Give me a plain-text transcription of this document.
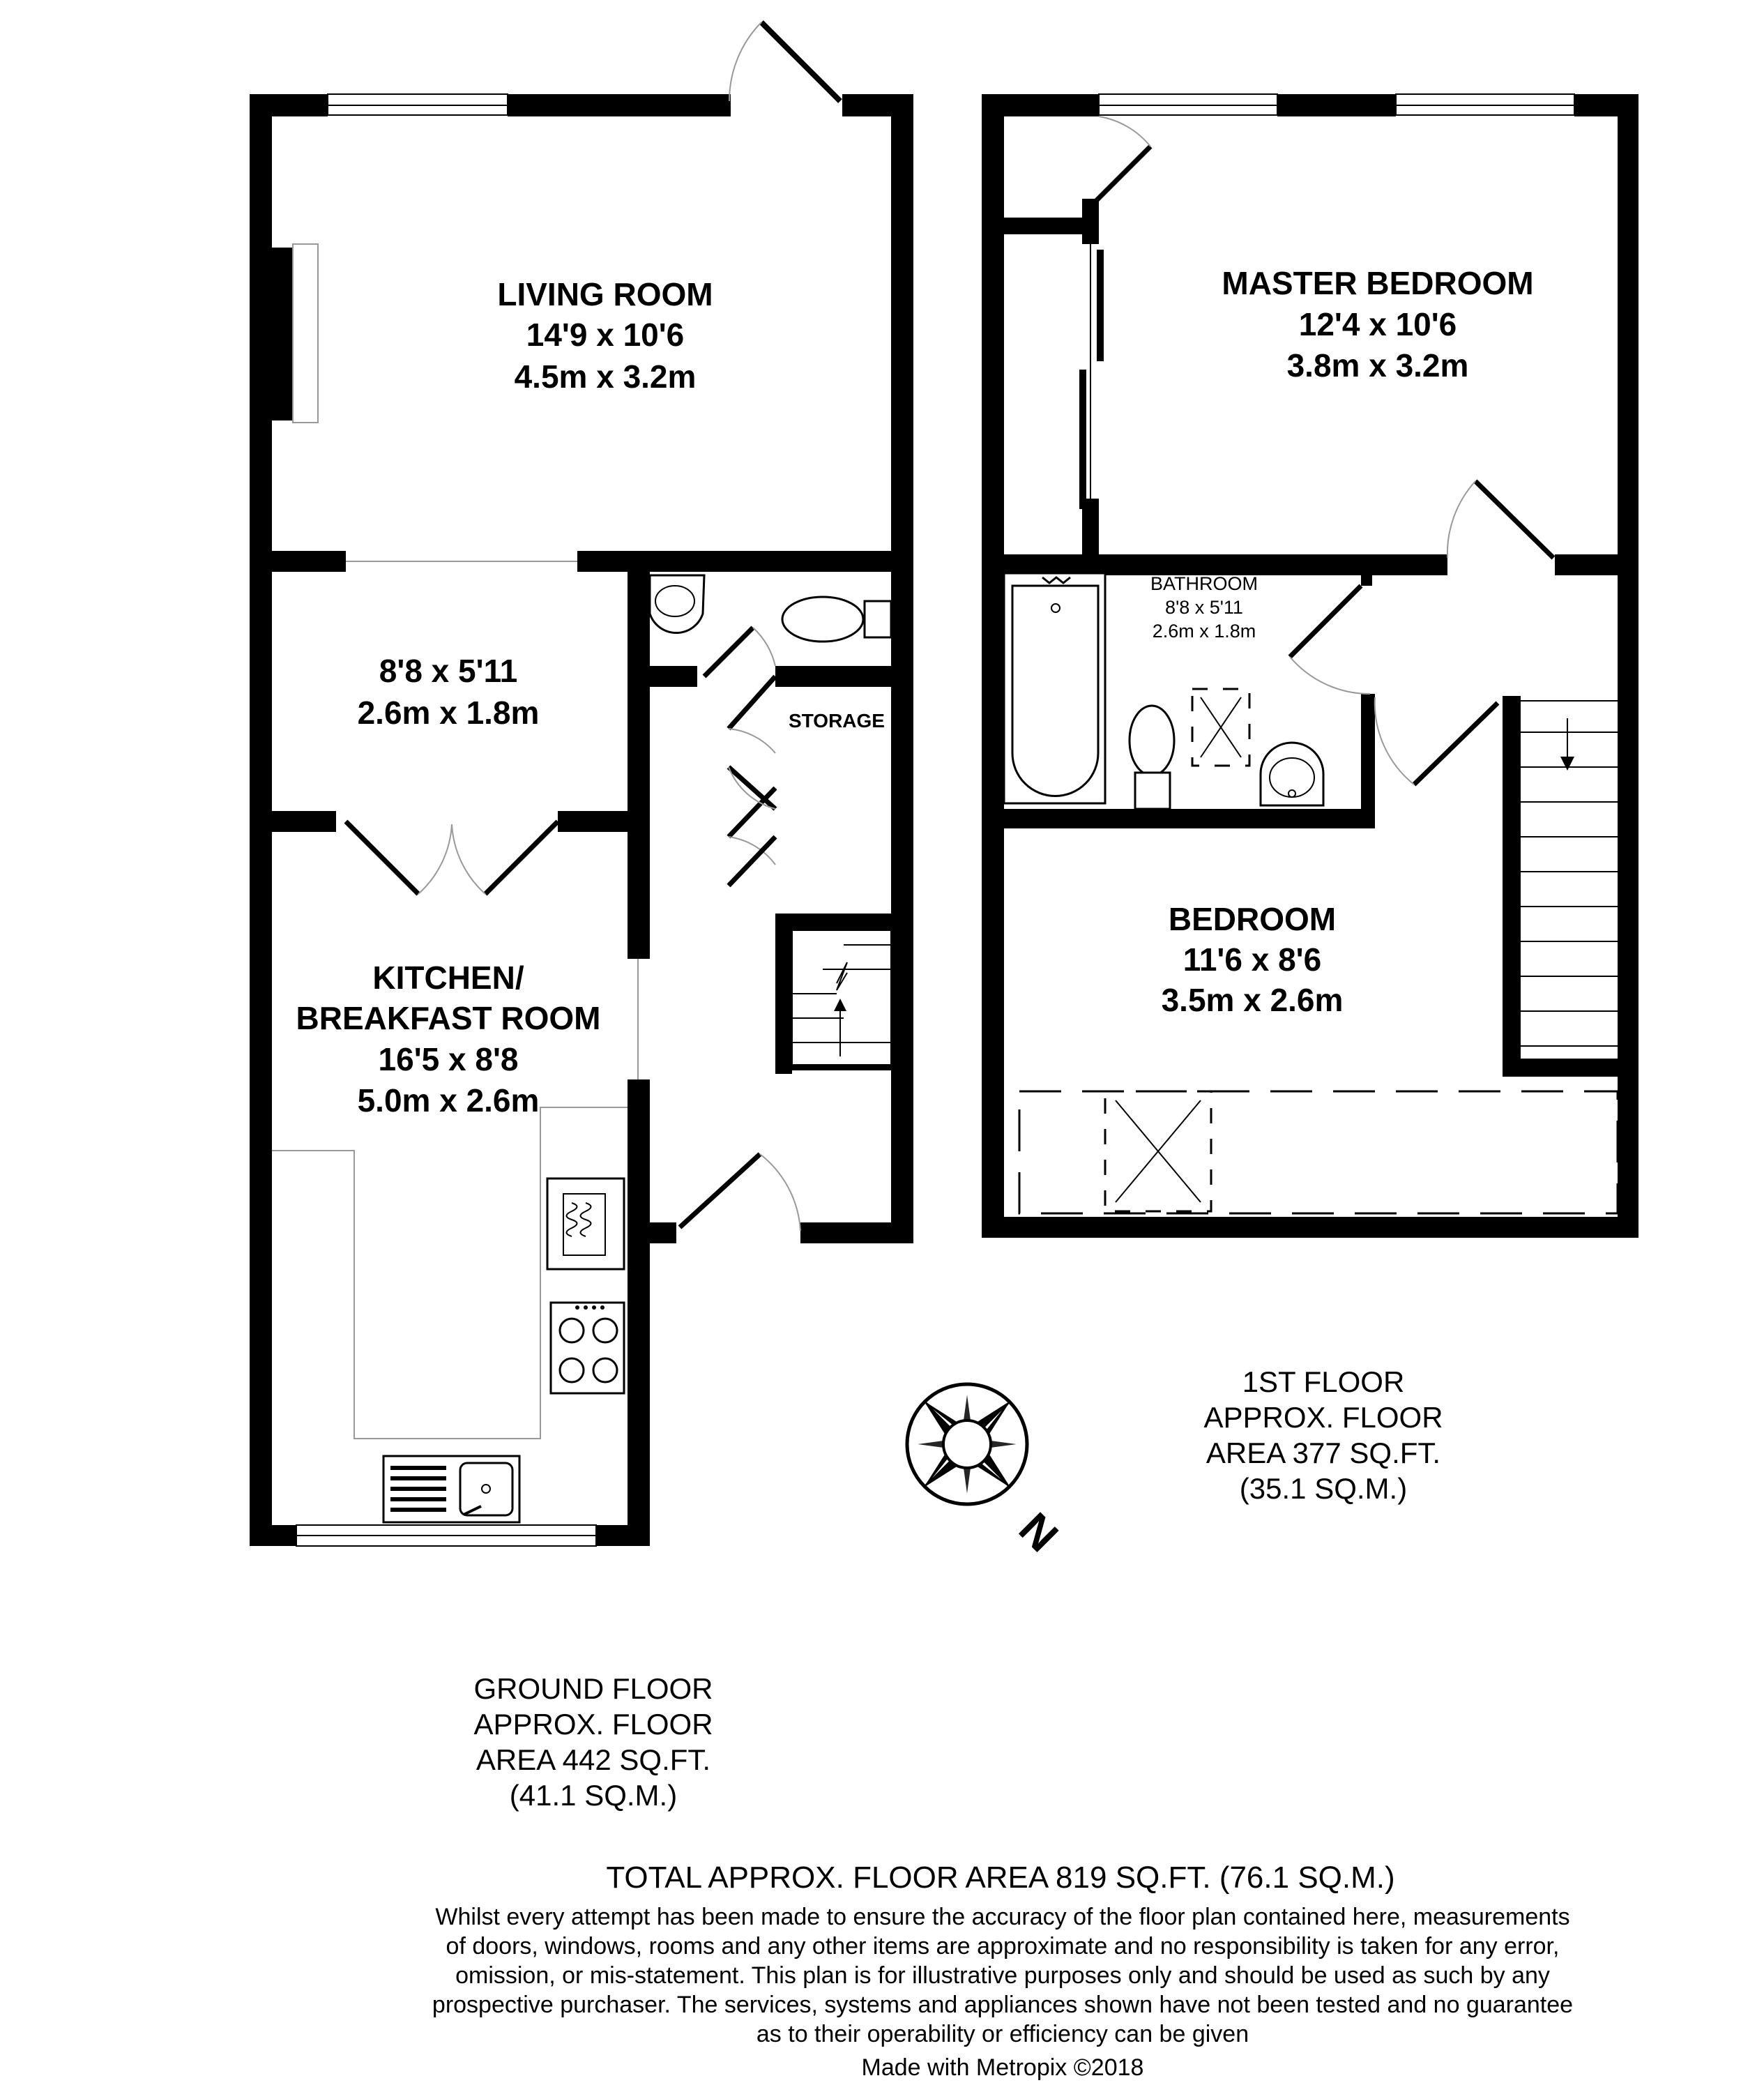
N
LIVING ROOM
14'9 x 10'6
4.5m x 3.2m
8'8 x 5'11
2.6m x 1.8m	STORAGE
KITCHEN/
BREAKFAST ROOM
16'5 x 8'8
5.0m x 2.6m
MASTER BEDROOM
12'4 x 10'6
3.8m x 3.2m
BATHROOM
8'8 x 5'11
2.6m x 1.8m
BEDROOM
11'6 x 8'6
3.5m x 2.6m
1ST FLOOR
APPROX. FLOOR
AREA 377 SQ.FT.
(35.1 SQ.M.)
GROUND FLOOR
APPROX. FLOOR
AREA 442 SQ.FT.
(41.1 SQ.M.)
TOTAL APPROX. FLOOR AREA 819 SQ.FT. (76.1 SQ.M.)
Whilst every attempt has been made to ensure the accuracy of the floor plan contained here, measurements
of doors, windows, rooms and any other items are approximate and no responsibility is taken for any error,
omission, or mis-statement. This plan is for illustrative purposes only and should be used as such by any
prospective purchaser. The services, systems and appliances shown have not been tested and no guarantee
as to their operability or efficiency can be given
Made with Metropix ©2018
